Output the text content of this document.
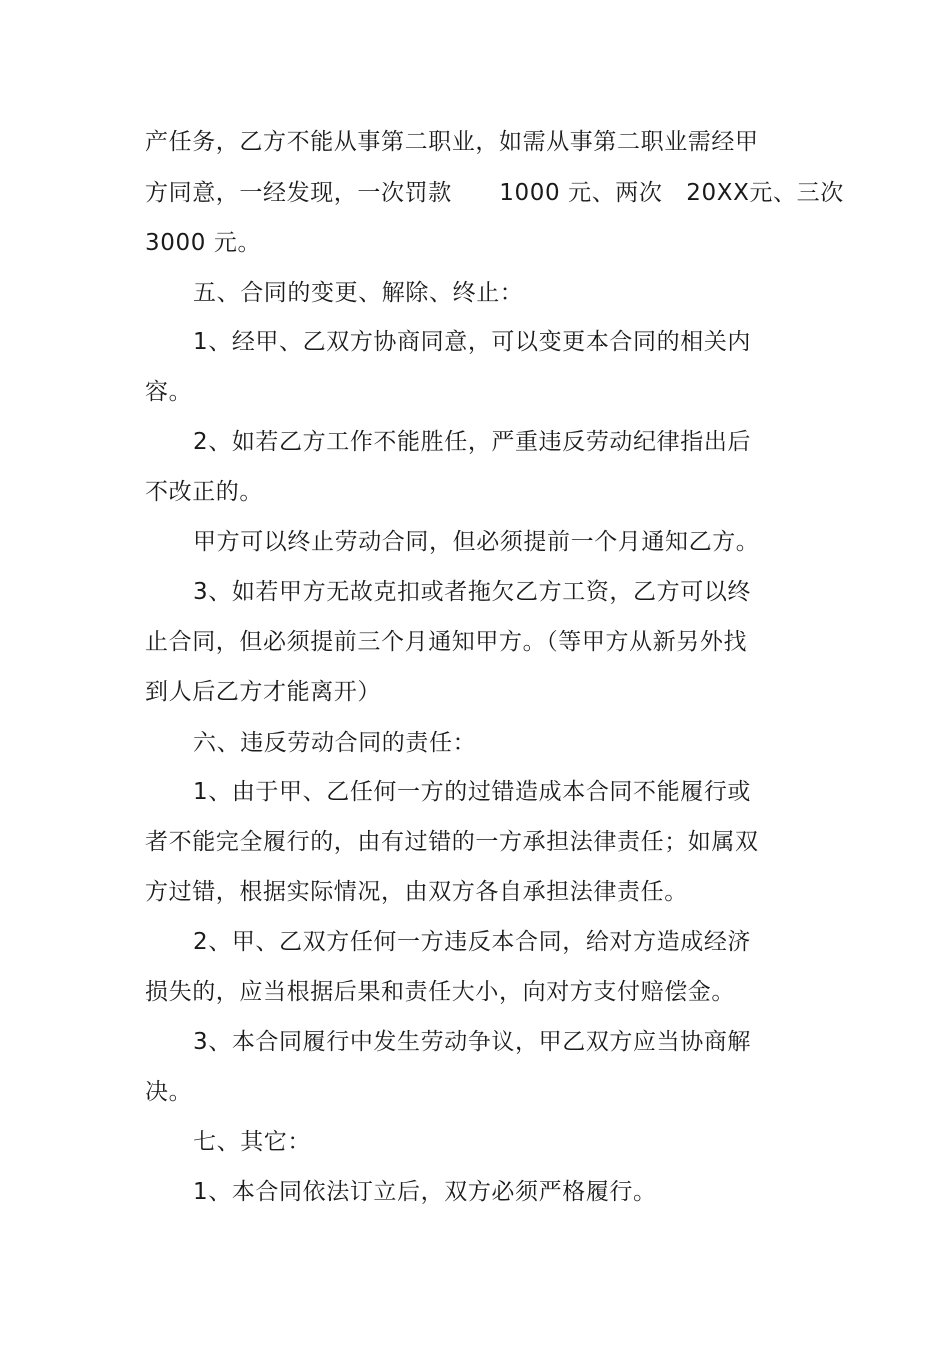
产任务，乙方不能从事第二职业，如需从事第二职业需经甲
方同意，一经发现，一次罚款      1000 元、两次   20XX元、三次
3000 元。
五、合同的变更、解除、终止：
1、经甲、乙双方协商同意，可以变更本合同的相关内
容。
2、如若乙方工作不能胜任，严重违反劳动纪律指出后
不改正的。
甲方可以终止劳动合同，但必须提前一个月通知乙方。
3、如若甲方无故克扣或者拖欠乙方工资，乙方可以终
止合同，但必须提前三个月通知甲方。（等甲方从新另外找
到人后乙方才能离开）
六、违反劳动合同的责任：
1、由于甲、乙任何一方的过错造成本合同不能履行或
者不能完全履行的，由有过错的一方承担法律责任；如属双
方过错，根据实际情况，由双方各自承担法律责任。
2、甲、乙双方任何一方违反本合同，给对方造成经济
损失的，应当根据后果和责任大小，向对方支付赔偿金。
3、本合同履行中发生劳动争议，甲乙双方应当协商解
决。
七、其它：
1、本合同依法订立后，双方必须严格履行。
